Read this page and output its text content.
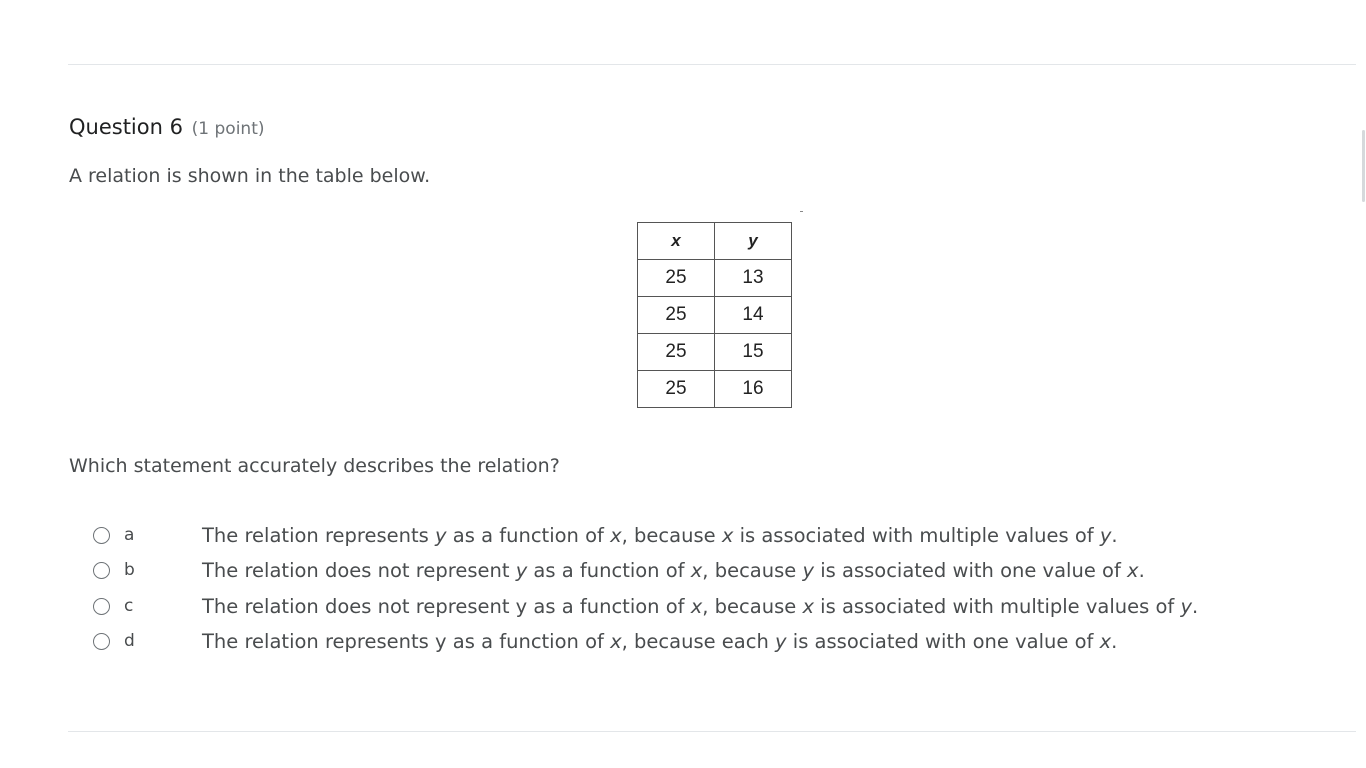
Question 6 (1 point)
A relation is shown in the table below.
x	y
25	13
25	14
25	15
25	16
Which statement accurately describes the relation?
a	The relation represents y as a function of x, because x is associated with multiple values of y.
b	The relation does not represent y as a function of x, because y is associated with one value of x.
c	The relation does not represent y as a function of x, because x is associated with multiple values of y.
d	The relation represents y as a function of x, because each y is associated with one value of x.
